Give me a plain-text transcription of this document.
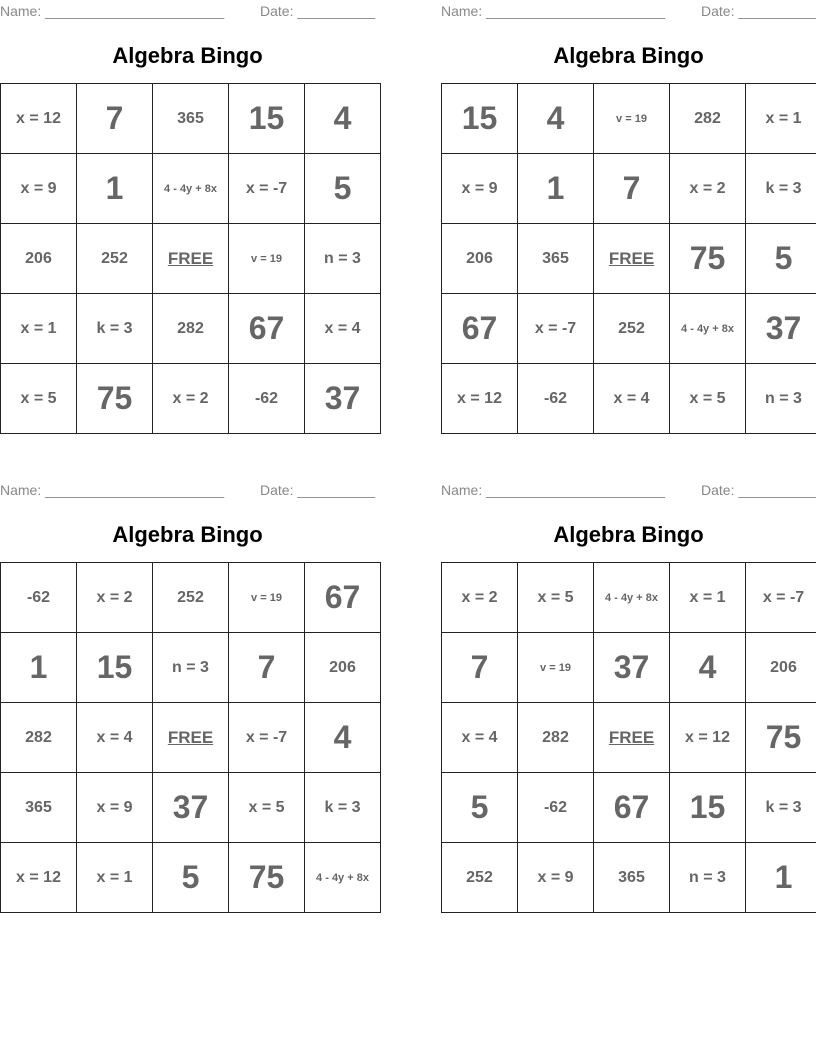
Name: _______________________	Date: __________
Algebra Bingo
x = 12	7	365	15	4
x = 9	1	4 - 4y + 8x	x = -7	5
206	252	FREE	v = 19	n = 3
x = 1	k = 3	282	67	x = 4
x = 5	75	x = 2	-62	37
Name: _______________________	Date: __________
Algebra Bingo
15	4	v = 19	282	x = 1
x = 9	1	7	x = 2	k = 3
206	365	FREE	75	5
67	x = -7	252	4 - 4y + 8x	37
x = 12	-62	x = 4	x = 5	n = 3
Name: _______________________	Date: __________
Algebra Bingo
-62	x = 2	252	v = 19	67
1	15	n = 3	7	206
282	x = 4	FREE	x = -7	4
365	x = 9	37	x = 5	k = 3
x = 12	x = 1	5	75	4 - 4y + 8x
Name: _______________________	Date: __________
Algebra Bingo
x = 2	x = 5	4 - 4y + 8x	x = 1	x = -7
7	v = 19	37	4	206
x = 4	282	FREE	x = 12	75
5	-62	67	15	k = 3
252	x = 9	365	n = 3	1
